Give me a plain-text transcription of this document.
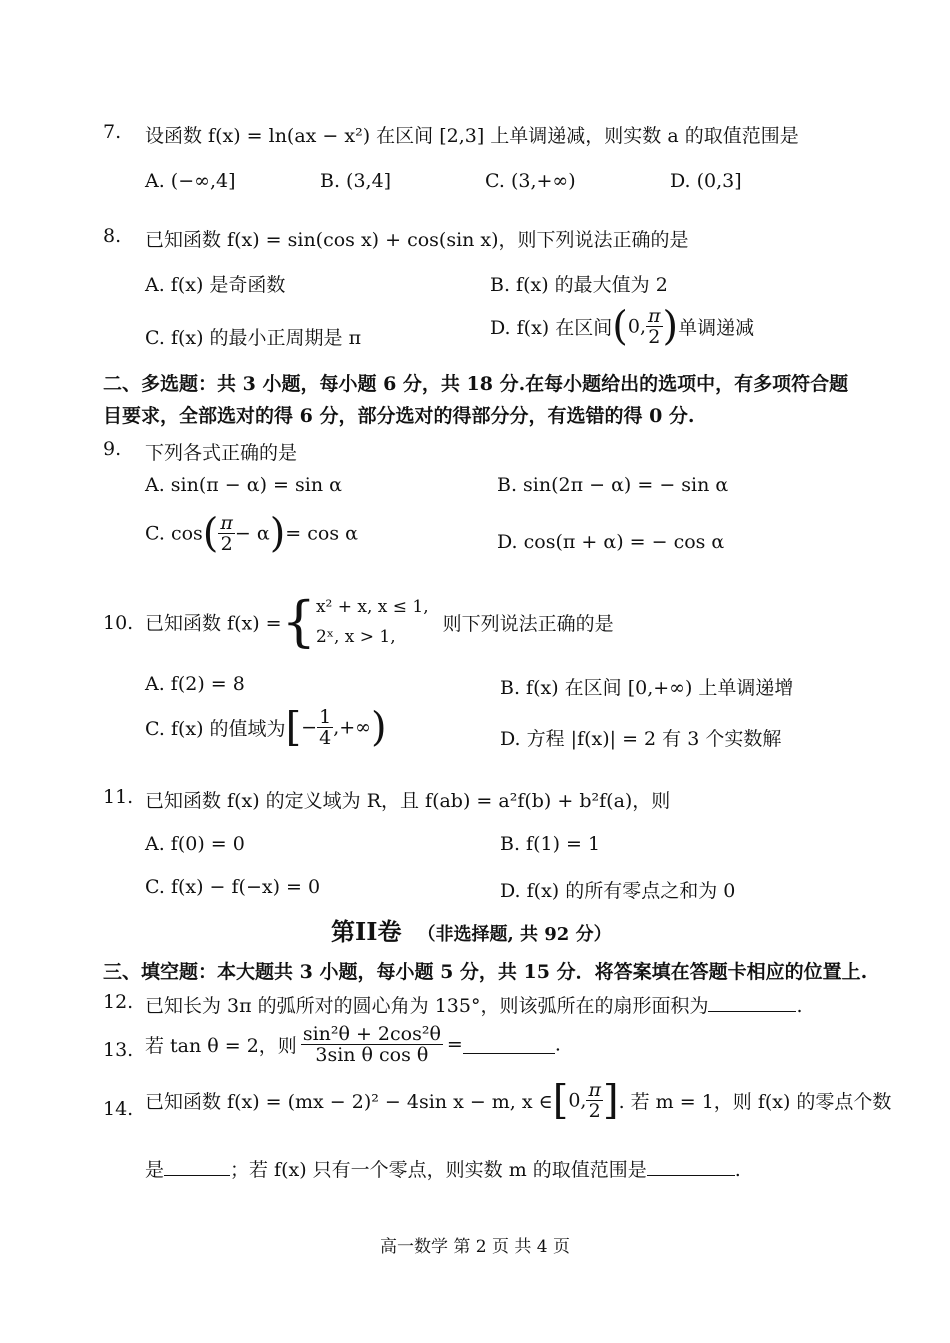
7. 设函数 f(x) = ln(ax − x²) 在区间 [2,3] 上单调递减，则实数 a 的取值范围是
A. (−∞,4]	B. (3,4]	C. (3,+∞)	D. (0,3]
8. 已知函数 f(x) = sin(cos x) + cos(sin x)，则下列说法正确的是
A. f(x) 是奇函数	B. f(x) 的最大值为 2
C. f(x) 的最小正周期是 π	D. f(x) 在区间(0, $\frac{\pi}{2}$ )单调递减
二、多选题：共 3 小题，每小题 6 分，共 18 分.在每小题给出的选项中，有多项符合题
目要求，全部选对的得 6 分，部分选对的得部分分，有选错的得 0 分.
9. 下列各式正确的是
A. sin(π − α) = sin α	B. sin(2π − α) = − sin α
C. $\cos( \frac{\pi}{2} - \alpha)= \cos \alpha$	D. cos(π + α) = − cos α
10. 已知函数 f(x) ={ x² + x, x ≤ 1,
2ˣ, x > 1,
则下列说法正确的是
A. f(2) = 8	B. f(x) 在区间 [0,+∞) 上单调递增
C. f(x) 的值域为[− $\frac{1}{4}$ ,+∞)	D. 方程 |f(x)| = 2 有 3 个实数解
11. 已知函数 f(x) 的定义域为 R，且 f(ab) = a²f(b) + b²f(a)，则
A. f(0) = 0	B. f(1) = 1
C. f(x) − f(−x) = 0	D. f(x) 的所有零点之和为 0
第II卷 （非选择题, 共 92 分）
三、填空题：本大题共 3 小题，每小题 5 分，共 15 分．将答案填在答题卡相应的位置上.
12. 已知长为 3π 的弧所对的圆心角为 135°，则该弧所在的扇形面积为	.
13. 若 tan θ = 2，则 $\frac{\text{sin²θ + 2cos²θ}}{\text{3sin θ cos θ}}$ =	.
14. 已知函数 f(x) = (mx − 2)² − 4sin x − m, x ∈[0, $\frac{\pi}{2}$ ]. 若 m = 1，则 f(x) 的零点个数
是	；若 f(x) 只有一个零点，则实数 m 的取值范围是	.
高一数学 第 2 页 共 4 页
